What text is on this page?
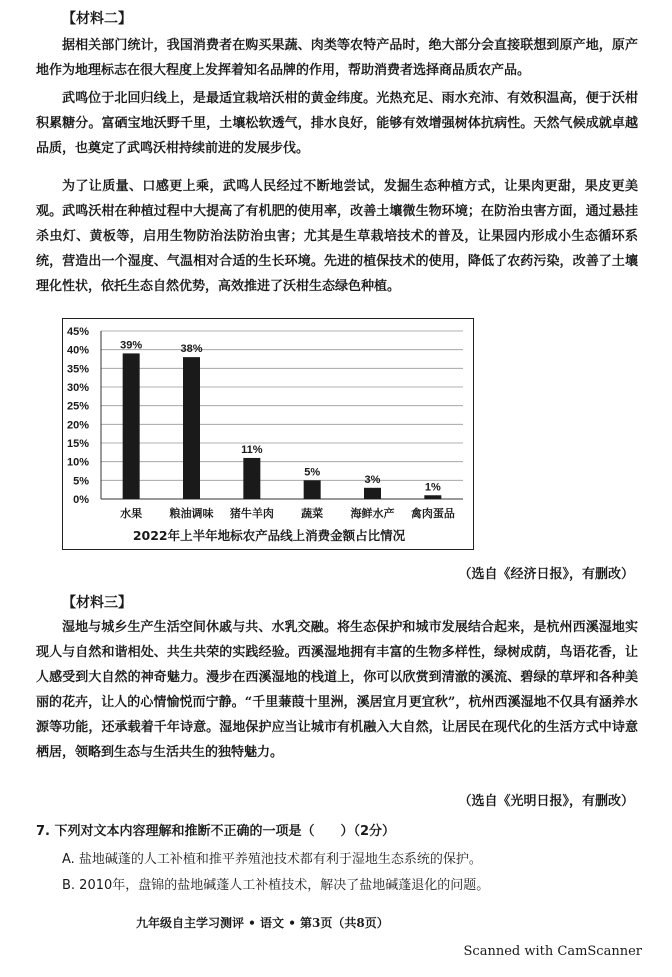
【材料二】

据相关部门统计，我国消费者在购买果蔬、肉类等农特产品时，绝大部分会直接联想到原产地，原产地作为地理标志在很大程度上发挥着知名品牌的作用，帮助消费者选择商品质农产品。

武鸣位于北回归线上，是最适宜栽培沃柑的黄金纬度。光热充足、雨水充沛、有效积温高，便于沃柑积累糖分。富硒宝地沃野千里，土壤松软透气，排水良好，能够有效增强树体抗病性。天然气候成就卓越品质，也奠定了武鸣沃柑持续前进的发展步伐。

为了让质量、口感更上乘，武鸣人民经过不断地尝试，发掘生态种植方式，让果肉更甜，果皮更美观。武鸣沃柑在种植过程中大提高了有机肥的使用率，改善土壤微生物环境；在防治虫害方面，通过悬挂杀虫灯、黄板等，启用生物防治法防治虫害；尤其是生草栽培技术的普及，让果园内形成小生态循环系统，营造出一个湿度、气温相对合适的生长环境。先进的植保技术的使用，降低了农药污染，改善了土壤理化性状，依托生态自然优势，高效推进了沃柑生态绿色种植。

0%
5%
10%
15%
20%
25%
30%
35%
40%
45%
39%
水果
38%
粮油调味
11%
猪牛羊肉
5%
蔬菜
3%
海鲜水产
1%
禽肉蛋品
2022年上半年地标农产品线上消费金额占比情况
（选自《经济日报》，有删改）
【材料三】

湿地与城乡生产生活空间休戚与共、水乳交融。将生态保护和城市发展结合起来，是杭州西溪湿地实现人与自然和谐相处、共生共荣的实践经验。西溪湿地拥有丰富的生物多样性，绿树成荫，鸟语花香，让人感受到大自然的神奇魅力。漫步在西溪湿地的栈道上，你可以欣赏到清澈的溪流、碧绿的草坪和各种美丽的花卉，让人的心情愉悦而宁静。“千里蒹葭十里洲，溪居宜月更宜秋”，杭州西溪湿地不仅具有涵养水源等功能，还承载着千年诗意。湿地保护应当让城市有机融入大自然，让居民在现代化的生活方式中诗意栖居，领略到生态与生活共生的独特魅力。

（选自《光明日报》，有删改）
7. 下列对文本内容理解和推断不正确的一项是（　　）（2分）
A. 盐地碱蓬的人工补植和推平养殖池技术都有利于湿地生态系统的保护。
B. 2010年，盘锦的盐地碱蓬人工补植技术，解决了盐地碱蓬退化的问题。
九年级自主学习测评 • 语文 • 第3页（共8页）
Scanned with CamScanner
